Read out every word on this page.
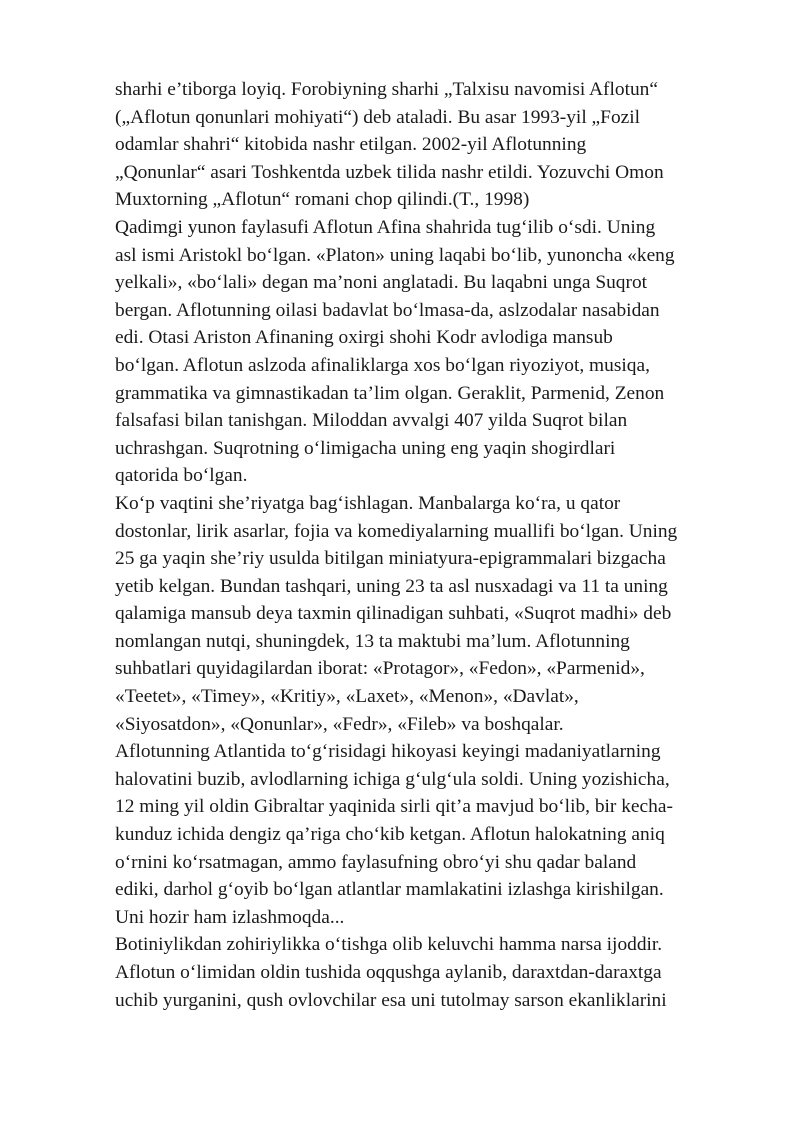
sharhi e’tiborga loyiq. Forobiyning sharhi „Talxisu navomisi Aflotun“
(„Aflotun qonunlari mohiyati“) deb ataladi. Bu asar 1993-yil „Fozil
odamlar shahri“ kitobida nashr etilgan. 2002-yil Aflotunning
„Qonunlar“ asari Toshkentda uzbek tilida nashr etildi. Yozuvchi Omon
Muxtorning „Aflotun“ romani chop qilindi.(T., 1998)
Qadimgi yunon faylasufi Aflotun Afina shahrida tug‘ilib o‘sdi. Uning
asl ismi Aristokl bo‘lgan. «Platon» uning laqabi bo‘lib, yunoncha «keng
yelkali», «bo‘lali» degan ma’noni anglatadi. Bu laqabni unga Suqrot
bergan. Aflotunning oilasi badavlat bo‘lmasa-da, aslzodalar nasabidan
edi. Otasi Ariston Afinaning oxirgi shohi Kodr avlodiga mansub
bo‘lgan. Aflotun aslzoda afinaliklarga xos bo‘lgan riyoziyot, musiqa,
grammatika va gimnastikadan ta’lim olgan. Geraklit, Parmenid, Zenon
falsafasi bilan tanishgan. Miloddan avvalgi 407 yilda Suqrot bilan
uchrashgan. Suqrotning o‘limigacha uning eng yaqin shogirdlari
qatorida bo‘lgan.
Ko‘p vaqtini she’riyatga bag‘ishlagan. Manbalarga ko‘ra, u qator
dostonlar, lirik asarlar, fojia va komediyalarning muallifi bo‘lgan. Uning
25 ga yaqin she’riy usulda bitilgan miniatyura-epigrammalari bizgacha
yetib kelgan. Bundan tashqari, uning 23 ta asl nusxadagi va 11 ta uning
qalamiga mansub deya taxmin qilinadigan suhbati, «Suqrot madhi» deb
nomlangan nutqi, shuningdek, 13 ta maktubi ma’lum. Aflotunning
suhbatlari quyidagilardan iborat: «Protagor», «Fedon», «Parmenid»,
«Teetet», «Timey», «Kritiy», «Laxet», «Menon», «Davlat»,
«Siyosatdon», «Qonunlar», «Fedr», «Fileb» va boshqalar.
Aflotunning Atlantida to‘g‘risidagi hikoyasi keyingi madaniyatlarning
halovatini buzib, avlodlarning ichiga g‘ulg‘ula soldi. Uning yozishicha,
12 ming yil oldin Gibraltar yaqinida sirli qit’a mavjud bo‘lib, bir kecha-
kunduz ichida dengiz qa’riga cho‘kib ketgan. Aflotun halokatning aniq
o‘rnini ko‘rsatmagan, ammo faylasufning obro‘yi shu qadar baland
ediki, darhol g‘oyib bo‘lgan atlantlar mamlakatini izlashga kirishilgan.
Uni hozir ham izlashmoqda...
Botiniylikdan zohiriylikka o‘tishga olib keluvchi hamma narsa ijoddir.
Aflotun o‘limidan oldin tushida oqqushga aylanib, daraxtdan-daraxtga
uchib yurganini, qush ovlovchilar esa uni tutolmay sarson ekanliklarini
